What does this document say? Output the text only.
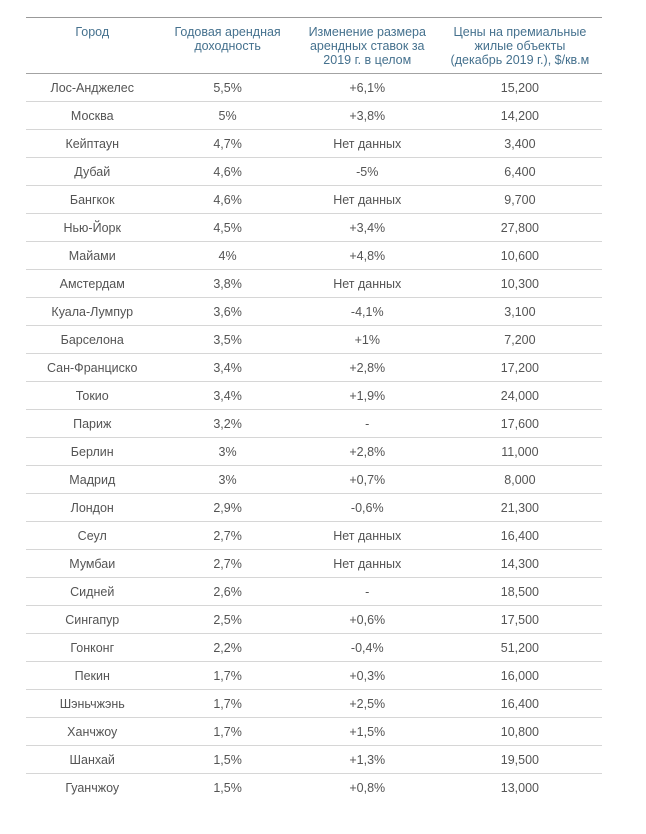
Город	Годовая арендная доходность	Изменение размера арендных ставок за 2019 г. в целом	Цены на премиальные жилые объекты (декабрь 2019 г.), $/кв.м
Лос-Анджелес	5,5%	+6,1%	15,200
Москва	5%	+3,8%	14,200
Кейптаун	4,7%	Нет данных	3,400
Дубай	4,6%	-5%	6,400
Бангкок	4,6%	Нет данных	9,700
Нью-Йорк	4,5%	+3,4%	27,800
Майами	4%	+4,8%	10,600
Амстердам	3,8%	Нет данных	10,300
Куала-Лумпур	3,6%	-4,1%	3,100
Барселона	3,5%	+1%	7,200
Сан-Франциско	3,4%	+2,8%	17,200
Токио	3,4%	+1,9%	24,000
Париж	3,2%	-	17,600
Берлин	3%	+2,8%	11,000
Мадрид	3%	+0,7%	8,000
Лондон	2,9%	-0,6%	21,300
Сеул	2,7%	Нет данных	16,400
Мумбаи	2,7%	Нет данных	14,300
Сидней	2,6%	-	18,500
Сингапур	2,5%	+0,6%	17,500
Гонконг	2,2%	-0,4%	51,200
Пекин	1,7%	+0,3%	16,000
Шэньчжэнь	1,7%	+2,5%	16,400
Ханчжоу	1,7%	+1,5%	10,800
Шанхай	1,5%	+1,3%	19,500
Гуанчжоу	1,5%	+0,8%	13,000
